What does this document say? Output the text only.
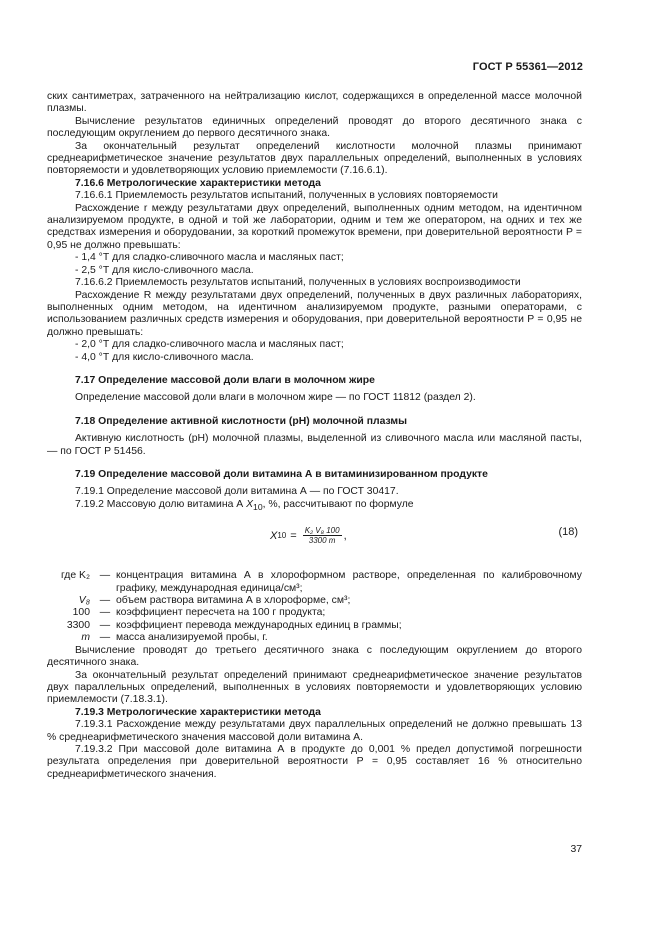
ГОСТ Р 55361—2012

ских сантиметрах, затраченного на нейтрализацию кислот, содержащихся в определенной массе молочной плазмы.

Вычисление результатов единичных определений проводят до второго десятичного знака с последующим округлением до первого десятичного знака.

За окончательный результат определений кислотности молочной плазмы принимают среднеарифметическое значение результатов двух параллельных определений, выполненных в условиях повторяемости и удовлетворяющих условию приемлемости (7.16.6.1).

7.16.6 Метрологические характеристики метода

7.16.6.1 Приемлемость результатов испытаний, полученных в условиях повторяемости

Расхождение r между результатами двух определений, выполненных одним методом, на идентичном анализируемом продукте, в одной и той же лаборатории, одним и тем же оператором, на одних и тех же средствах измерения и оборудовании, за короткий промежуток времени, при доверительной вероятности P = 0,95 не должно превышать:

- 1,4 °Т для сладко-сливочного масла и масляных паст;

- 2,5 °Т для кисло-сливочного масла.

7.16.6.2 Приемлемость результатов испытаний, полученных в условиях воспроизводимости

Расхождение R между результатами двух определений, полученных в двух различных лабораториях, выполненных одним методом, на идентичном анализируемом продукте, разными операторами, с использованием различных средств измерения и оборудования, при доверительной вероятности P = 0,95 не должно превышать:

- 2,0 °Т для сладко-сливочного масла и масляных паст;

- 4,0 °Т для кисло-сливочного масла.

7.17 Определение массовой доли влаги в молочном жире

Определение массовой доли влаги в молочном жире — по ГОСТ 11812 (раздел 2).

7.18 Определение активной кислотности (рН) молочной плазмы

Активную кислотность (рН) молочной плазмы, выделенной из сливочного масла или масляной пасты, — по ГОСТ Р 51456.

7.19 Определение массовой доли витамина А в витаминизированном продукте

7.19.1 Определение массовой доли витамина А — по ГОСТ 30417.

7.19.2 Массовую долю витамина А $X_{10}$, %, рассчитывают по формуле

X $10 = \frac{\text{K₂ V₈ 100}}{3300 m}$ ,	(18)
где K₂ — концентрация витамина А в хлороформном растворе, определенная по калибровочному графику, международная единица/см³;
V₈ — объем раствора витамина А в хлороформе, см³;
100 — коэффициент пересчета на 100 г продукта;
3300 — коэффициент перевода международных единиц в граммы;
m — масса анализируемой пробы, г.

Вычисление проводят до третьего десятичного знака с последующим округлением до второго десятичного знака.

За окончательный результат определений принимают среднеарифметическое значение результатов двух параллельных определений, выполненных в условиях повторяемости и удовлетворяющих условию приемлемости (7.18.3.1).

7.19.3 Метрологические характеристики метода

7.19.3.1 Расхождение между результатами двух параллельных определений не должно превышать 13 % среднеарифметического значения массовой доли витамина А.

7.19.3.2 При массовой доле витамина А в продукте до 0,001 % предел допустимой погрешности результата определения при доверительной вероятности P = 0,95 составляет 16 % относительно среднеарифметического значения.

37
